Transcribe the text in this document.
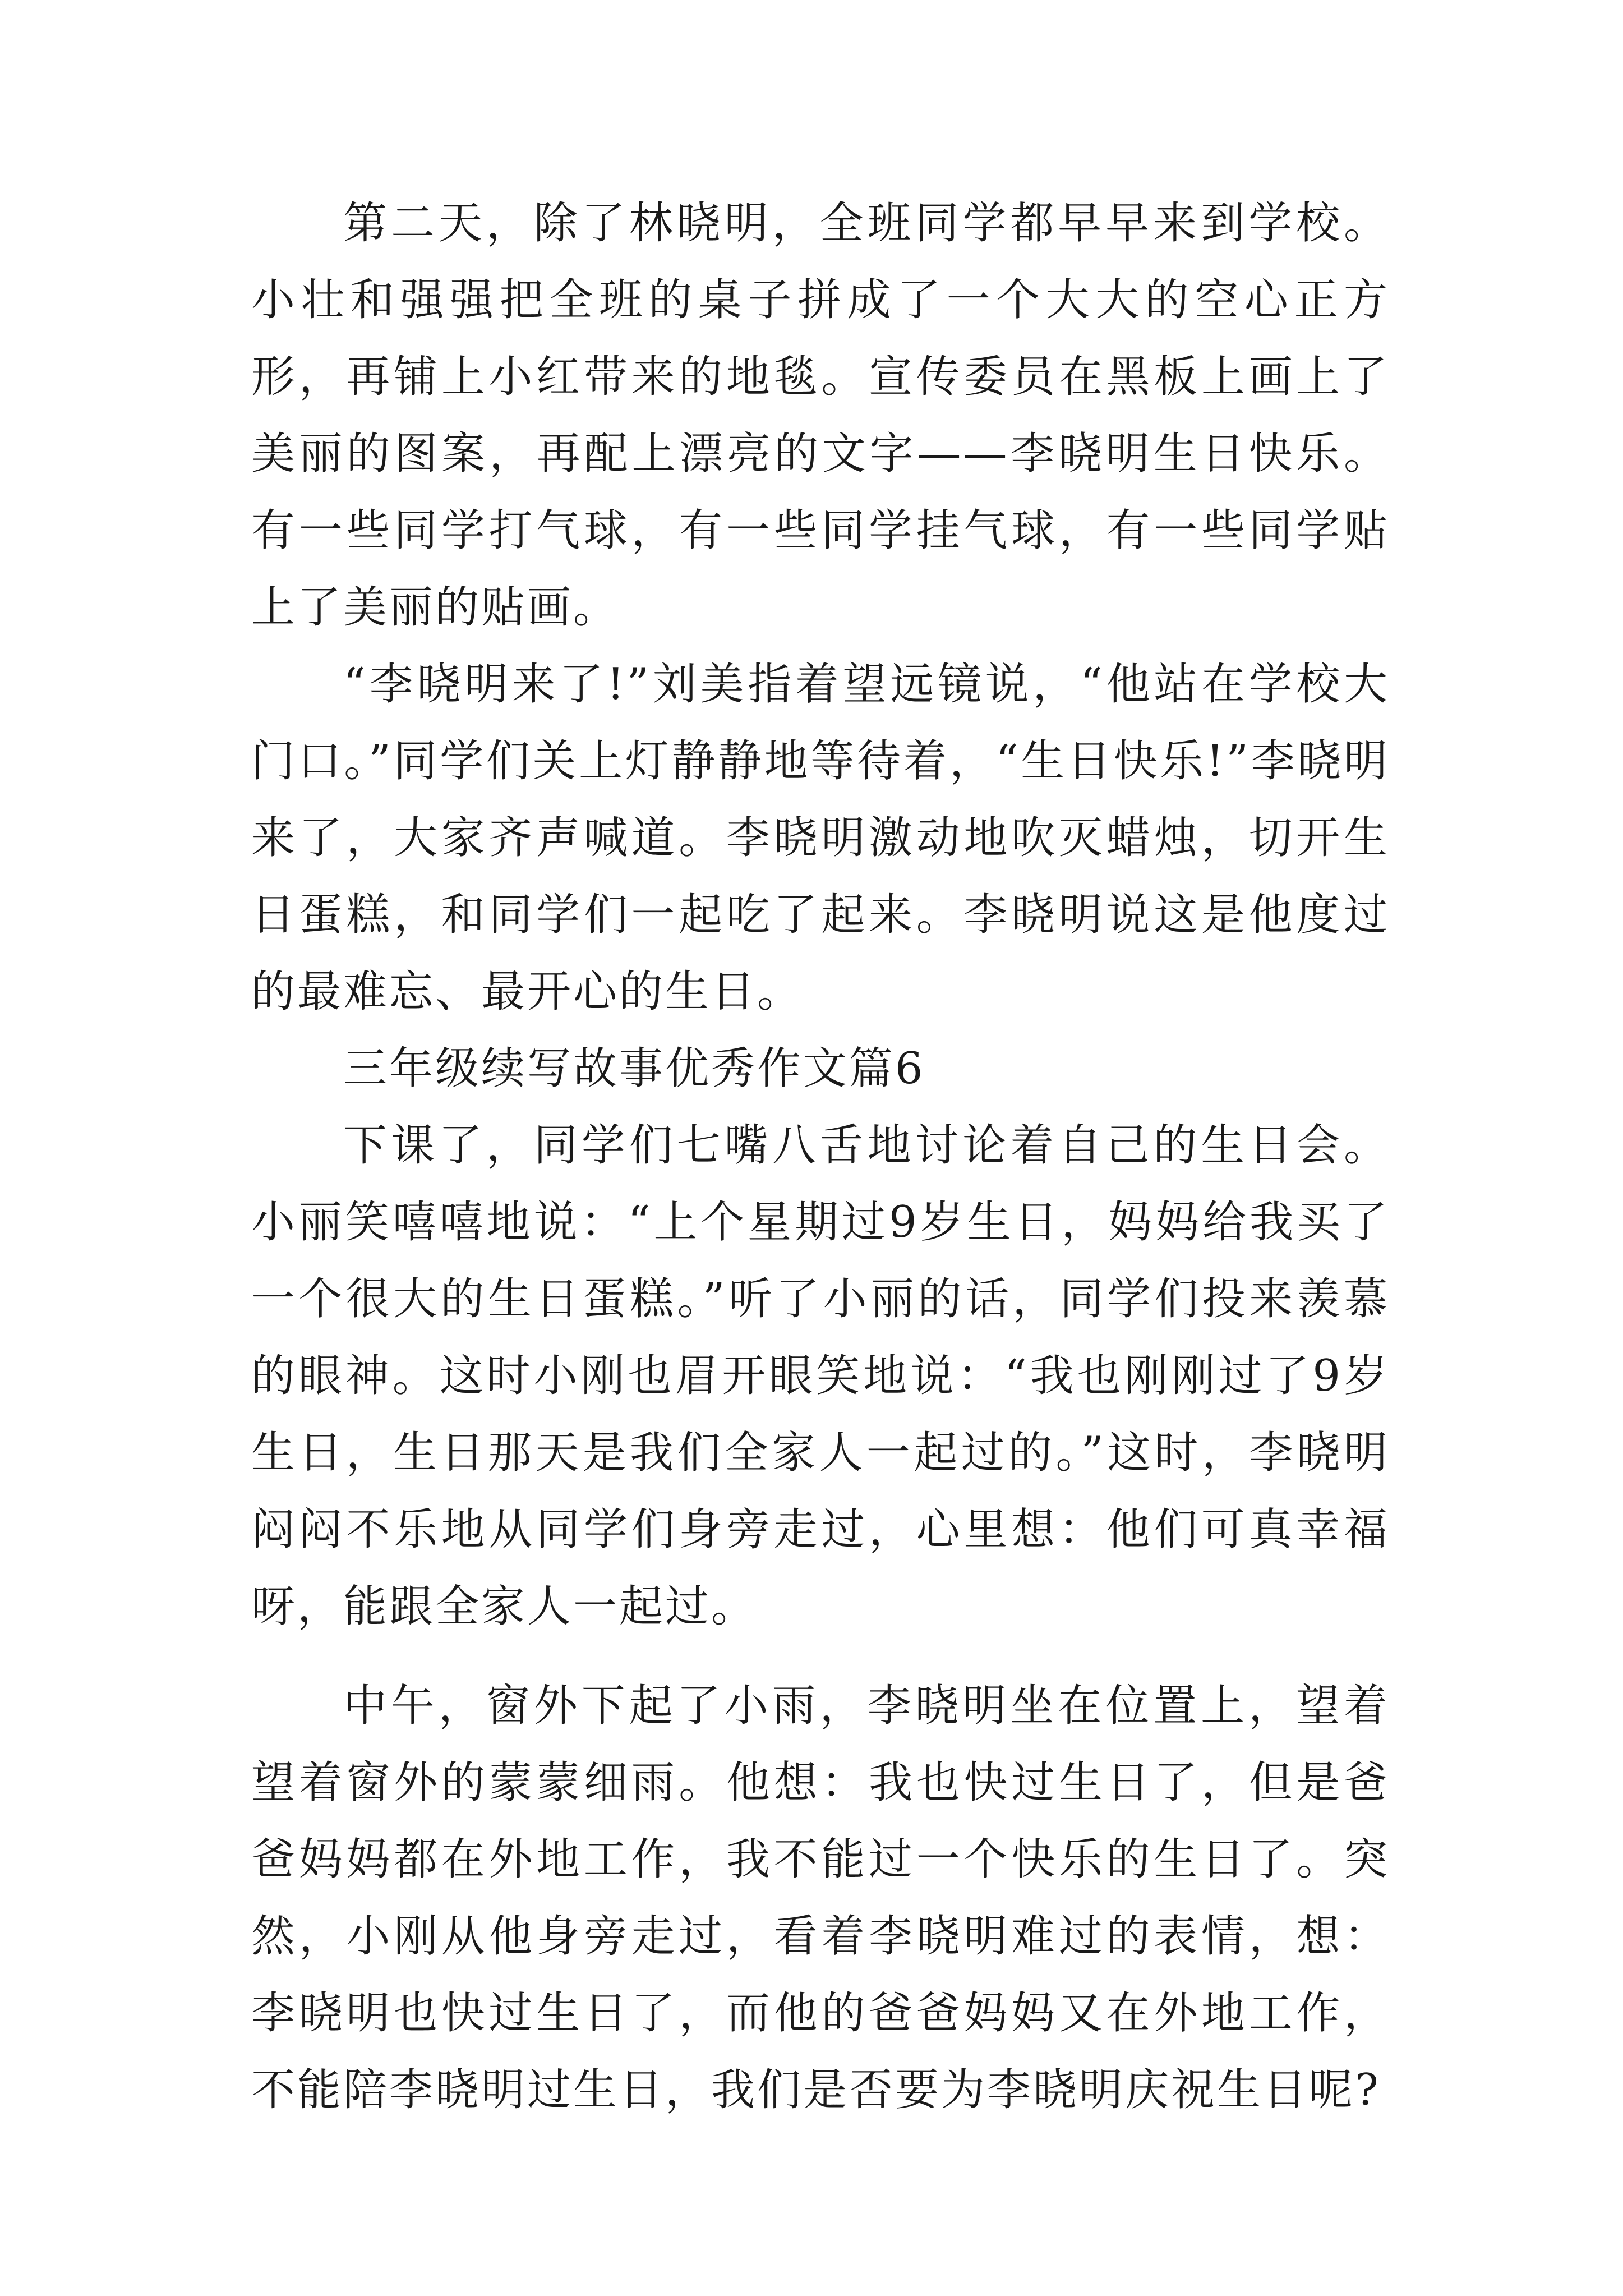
第二天，除了林晓明，全班同学都早早来到学校。小壮和强强把全班的桌子拼成了一个大大的空心正方形，再铺上小红带来的地毯。宣传委员在黑板上画上了美丽的图案，再配上漂亮的文字——李晓明生日快乐。有一些同学打气球，有一些同学挂气球，有一些同学贴上了美丽的贴画。

“李晓明来了!”刘美指着望远镜说，“他站在学校大门口。”同学们关上灯静静地等待着，“生日快乐!”李晓明来了，大家齐声喊道。李晓明激动地吹灭蜡烛，切开生日蛋糕，和同学们一起吃了起来。李晓明说这是他度过的最难忘、最开心的生日。

三年级续写故事优秀作文篇6

下课了，同学们七嘴八舌地讨论着自己的生日会。小丽笑嘻嘻地说：“上个星期过9岁生日，妈妈给我买了一个很大的生日蛋糕。”听了小丽的话，同学们投来羡慕的眼神。这时小刚也眉开眼笑地说：“我也刚刚过了9岁生日，生日那天是我们全家人一起过的。”这时，李晓明闷闷不乐地从同学们身旁走过，心里想：他们可真幸福呀，能跟全家人一起过。

中午，窗外下起了小雨，李晓明坐在位置上，望着望着窗外的蒙蒙细雨。他想：我也快过生日了，但是爸爸妈妈都在外地工作，我不能过一个快乐的生日了。突然，小刚从他身旁走过，看着李晓明难过的表情，想：李晓明也快过生日了，而他的爸爸妈妈又在外地工作，不能陪李晓明过生日，我们是否要为李晓明庆祝生日呢?
